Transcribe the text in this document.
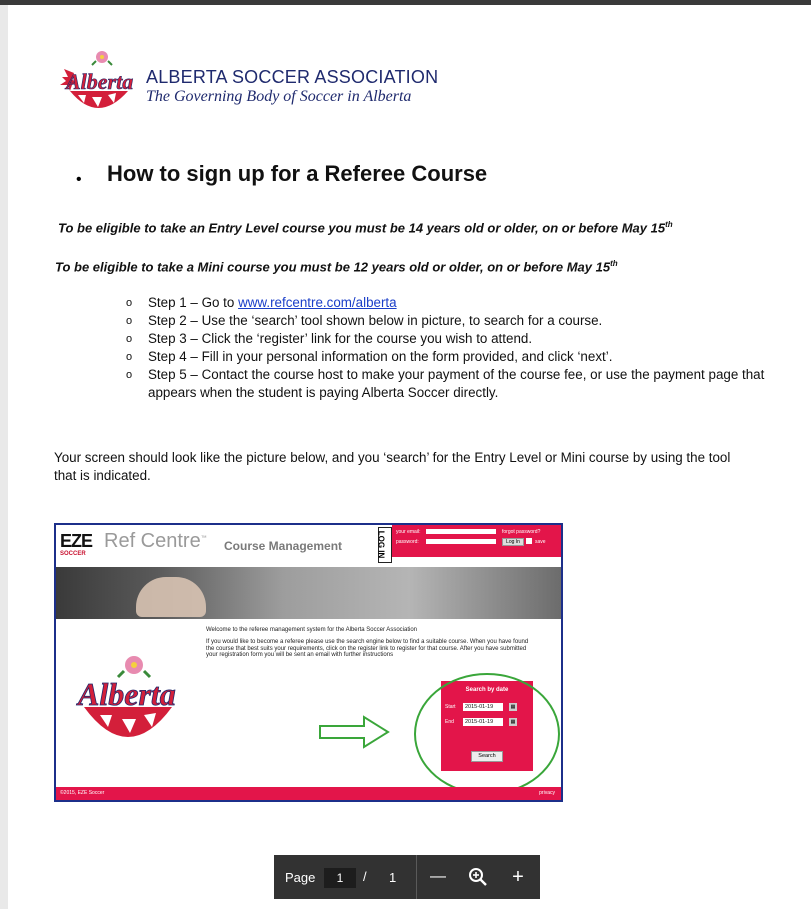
Alberta ALBERTA SOCCER ASSOCIATION
The Governing Body of Soccer in Alberta
• How to sign up for a Referee Course
To be eligible to take an Entry Level course you must be 14 years old or older, on or before May 15th
To be eligible to take a Mini course you must be 12 years old or older, on or before May 15th
o Step 1 – Go to www.refcentre.com/alberta
o Step 2 – Use the ‘search’ tool shown below in picture, to search for a course.
o Step 3 – Click the ‘register’ link for the course you wish to attend.
o Step 4 – Fill in your personal information on the form provided, and click ‘next’.
o Step 5 – Contact the course host to make your payment of the course fee, or use the payment page that appears when the student is paying Alberta Soccer directly.
Your screen should look like the picture below, and you ‘search’ for the Entry Level or Mini course by using the tool that is indicated.
EZE
SOCCER
Ref Centre™
Course Management	LOG IN your email:	forgot password?
password:	Log In	save
Welcome to the referee management system for the Alberta Soccer Association
If you would like to become a referee please use the search engine below to find a suitable course. When you have found the course that best suits your requirements, click on the register link to register for that course. After you have submitted your registration form you will be sent an email with further instructions
Alberta	Search by date
Start	2015-01-19	▦
End	2015-01-19	▦
Search
©2015, EZE Soccer	privacy
Page
1	/ 1	—	+
